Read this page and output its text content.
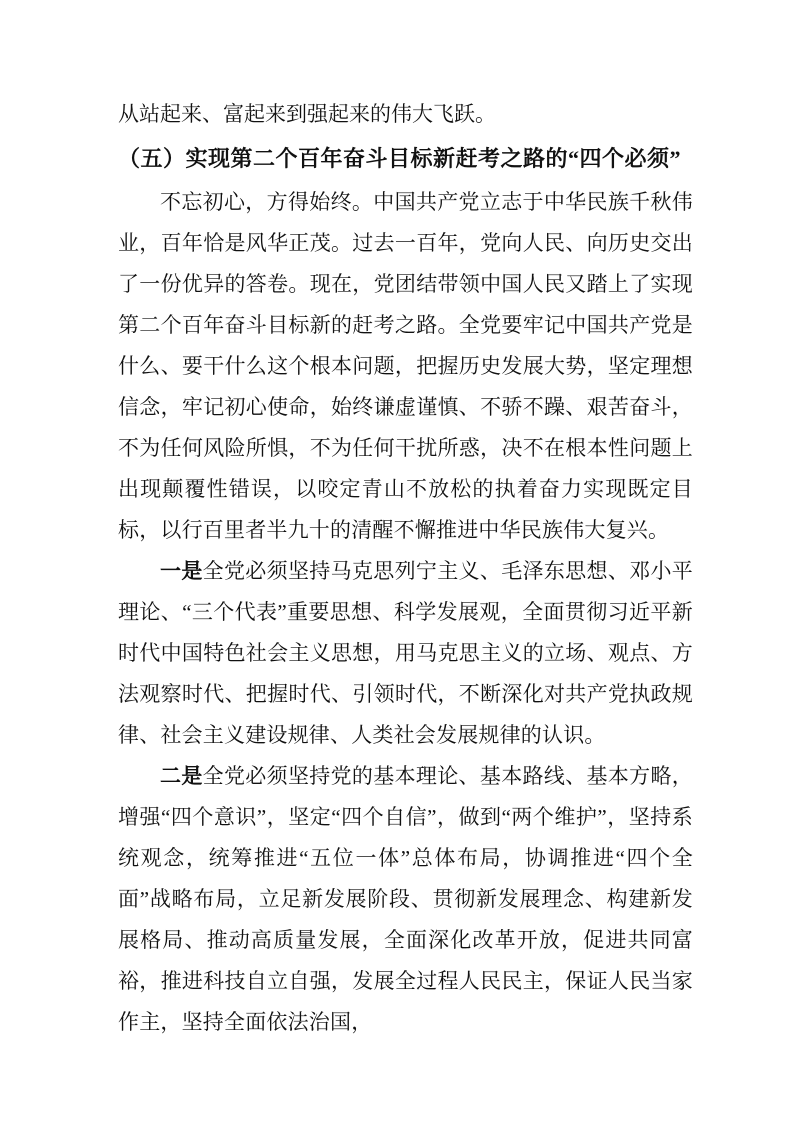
从站起来、富起来到强起来的伟大飞跃。

（五）实现第二个百年奋斗目标新赶考之路的“四个必须”

不忘初心，方得始终。中国共产党立志于中华民族千秋伟业，百年恰是风华正茂。过去一百年，党向人民、向历史交出了一份优异的答卷。现在，党团结带领中国人民又踏上了实现第二个百年奋斗目标新的赶考之路。全党要牢记中国共产党是什么、要干什么这个根本问题，把握历史发展大势，坚定理想信念，牢记初心使命，始终谦虚谨慎、不骄不躁、艰苦奋斗，不为任何风险所惧，不为任何干扰所惑，决不在根本性问题上出现颠覆性错误，以咬定青山不放松的执着奋力实现既定目标，以行百里者半九十的清醒不懈推进中华民族伟大复兴。

一是全党必须坚持马克思列宁主义、毛泽东思想、邓小平理论、“三个代表”重要思想、科学发展观，全面贯彻习近平新时代中国特色社会主义思想，用马克思主义的立场、观点、方法观察时代、把握时代、引领时代，不断深化对共产党执政规律、社会主义建设规律、人类社会发展规律的认识。

二是全党必须坚持党的基本理论、基本路线、基本方略，增强“四个意识”，坚定“四个自信”，做到“两个维护”，坚持系统观念，统筹推进“五位一体”总体布局，协调推进“四个全面”战略布局，立足新发展阶段、贯彻新发展理念、构建新发展格局、推动高质量发展，全面深化改革开放，促进共同富裕，推进科技自立自强，发展全过程人民民主，保证人民当家作主，坚持全面依法治国，
